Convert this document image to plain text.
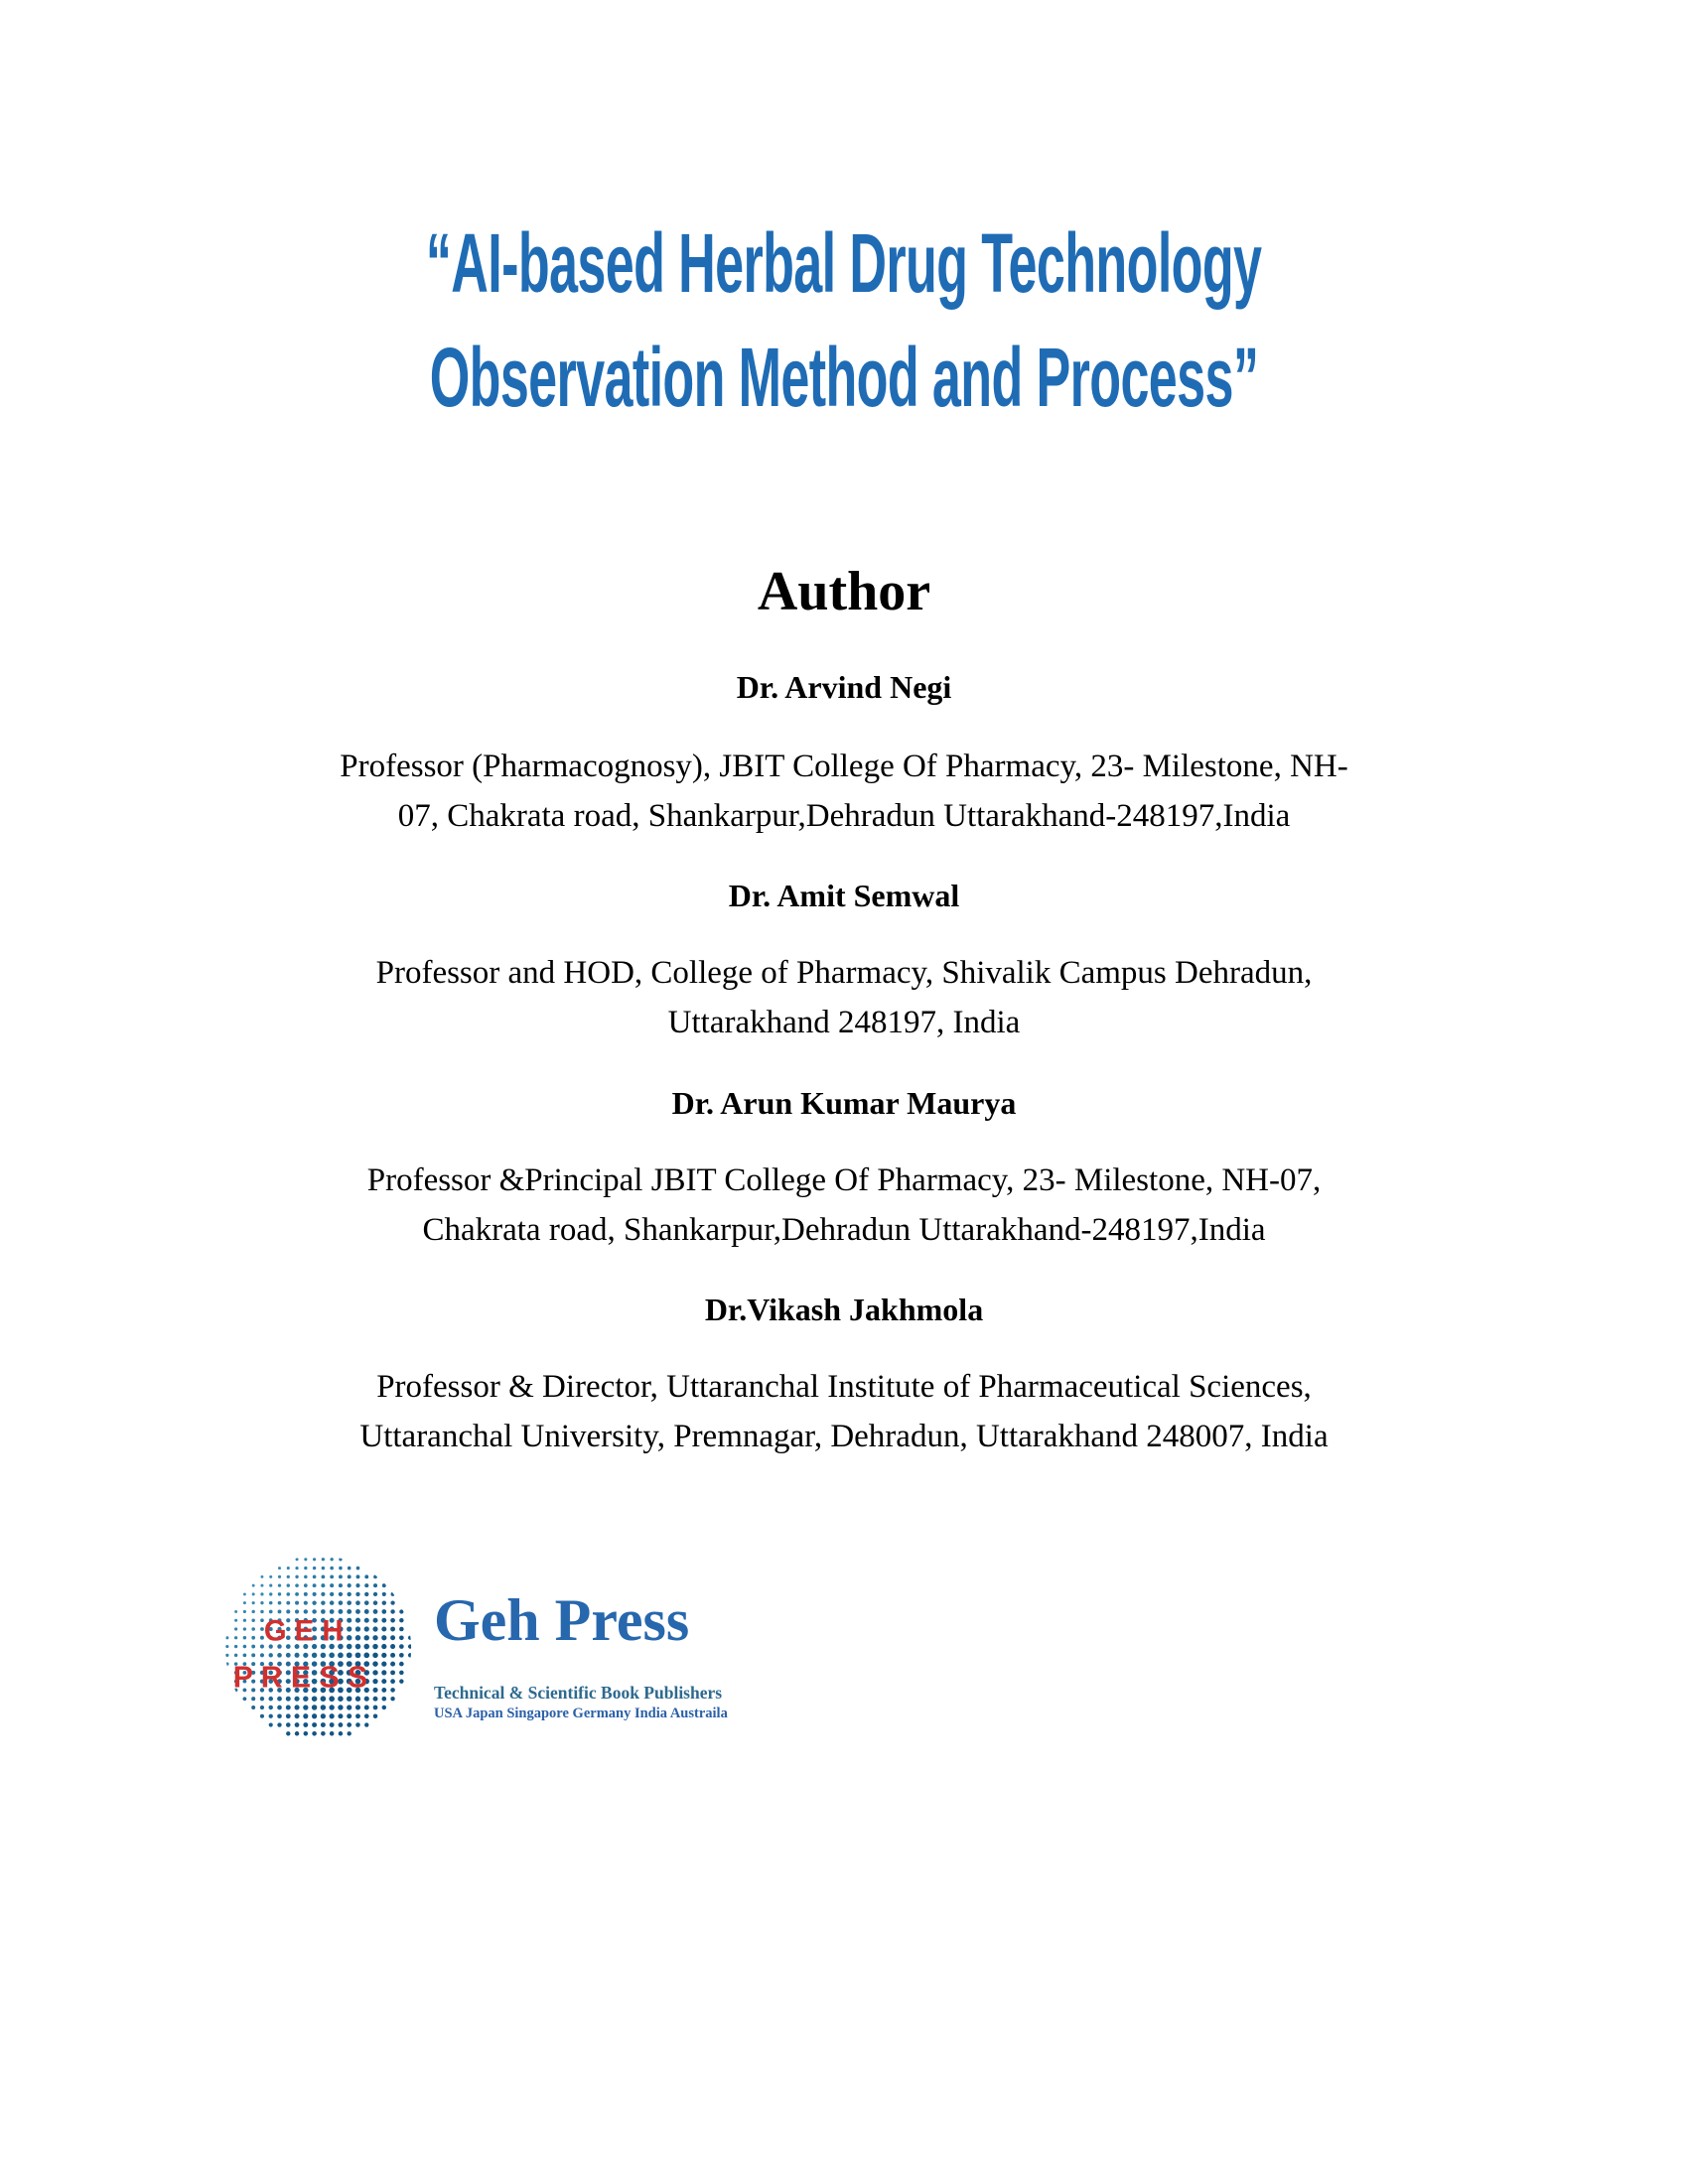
“AI-based Herbal Drug Technology
Observation Method and Process”
Author
Dr. Arvind Negi
Professor (Pharmacognosy), JBIT College Of Pharmacy, 23- Milestone, NH-
07, Chakrata road, Shankarpur,Dehradun Uttarakhand-248197,India
Dr. Amit Semwal
Professor and HOD, College of Pharmacy, Shivalik Campus Dehradun,
Uttarakhand 248197, India
Dr. Arun Kumar Maurya
Professor &Principal JBIT College Of Pharmacy, 23- Milestone, NH-07,
Chakrata road, Shankarpur,Dehradun Uttarakhand-248197,India
Dr.Vikash Jakhmola
Professor & Director, Uttaranchal Institute of Pharmaceutical Sciences,
Uttaranchal University, Premnagar, Dehradun, Uttarakhand 248007, India
G E H
P R E S S
Geh Press
Technical & Scientific Book Publishers
USA Japan Singapore Germany India Austraila
